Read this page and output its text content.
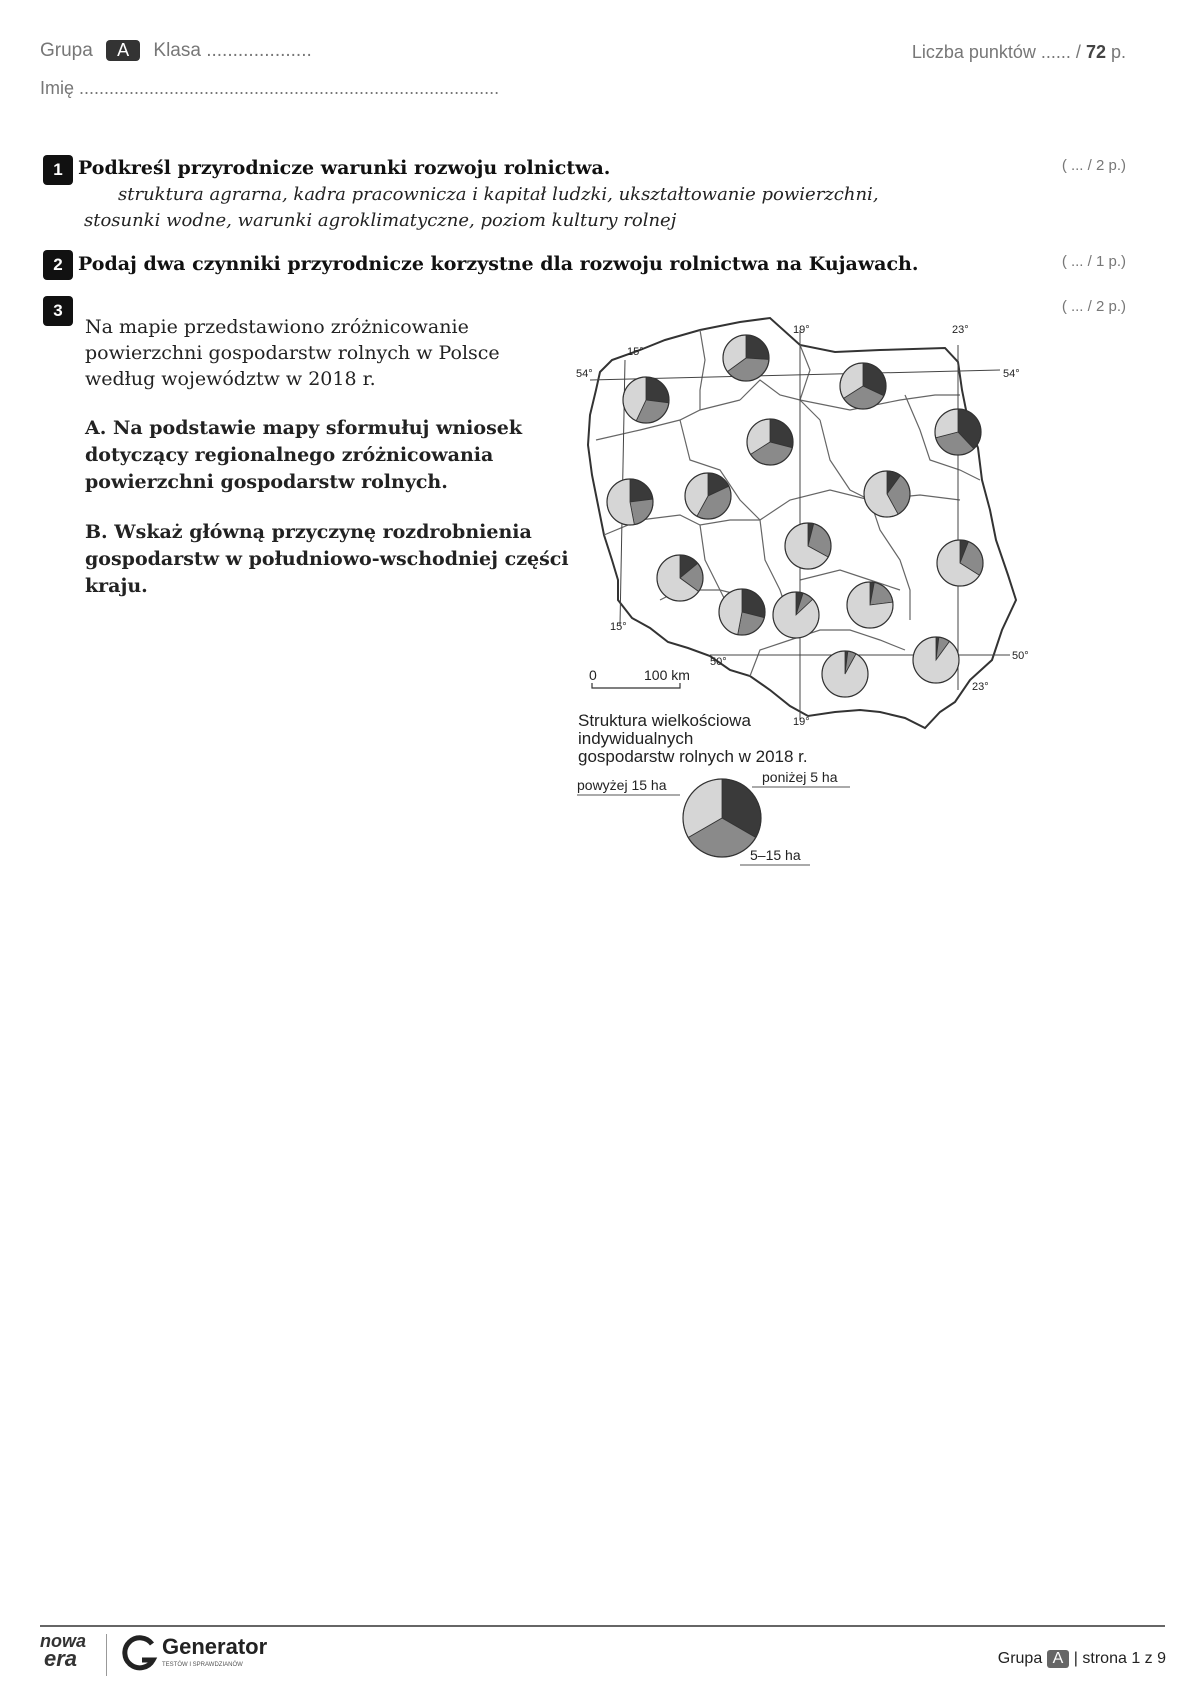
Grupa A Klasa ....................	Liczba punktów ...... / 72 p.
Imię ....................................................................................
1 Podkreśl przyrodnicze warunki rozwoju rolnictwa.	( ... / 2 p.)
struktura agrarna, kadra pracownicza i kapitał ludzki, ukształtowanie powierzchni,
stosunki wodne, warunki agroklimatyczne, poziom kultury rolnej
2 Podaj dwa czynniki przyrodnicze korzystne dla rozwoju rolnictwa na Kujawach.	( ... / 1 p.)
3	( ... / 2 p.)
Na mapie przedstawiono zróżnicowanie
powierzchni gospodarstw rolnych w Polsce
według województw w 2018 r.
A. Na podstawie mapy sformułuj wniosek
dotyczący regionalnego zróżnicowania
powierzchni gospodarstw rolnych.
B. Wskaż główną przyczynę rozdrobnienia
gospodarstw w południowo-wschodniej części
kraju.
19°	23°
15°
54°	54°
15°
50°	50°
23°
19°
0	100 km
Struktura wielkościowa
indywidualnych
gospodarstw rolnych w 2018 r.
powyżej 15 ha	poniżej 5 ha
5–15 ha
nowa
era	Generator
TESTÓW I SPRAWDZIANÓW	Grupa A | strona 1 z 9
